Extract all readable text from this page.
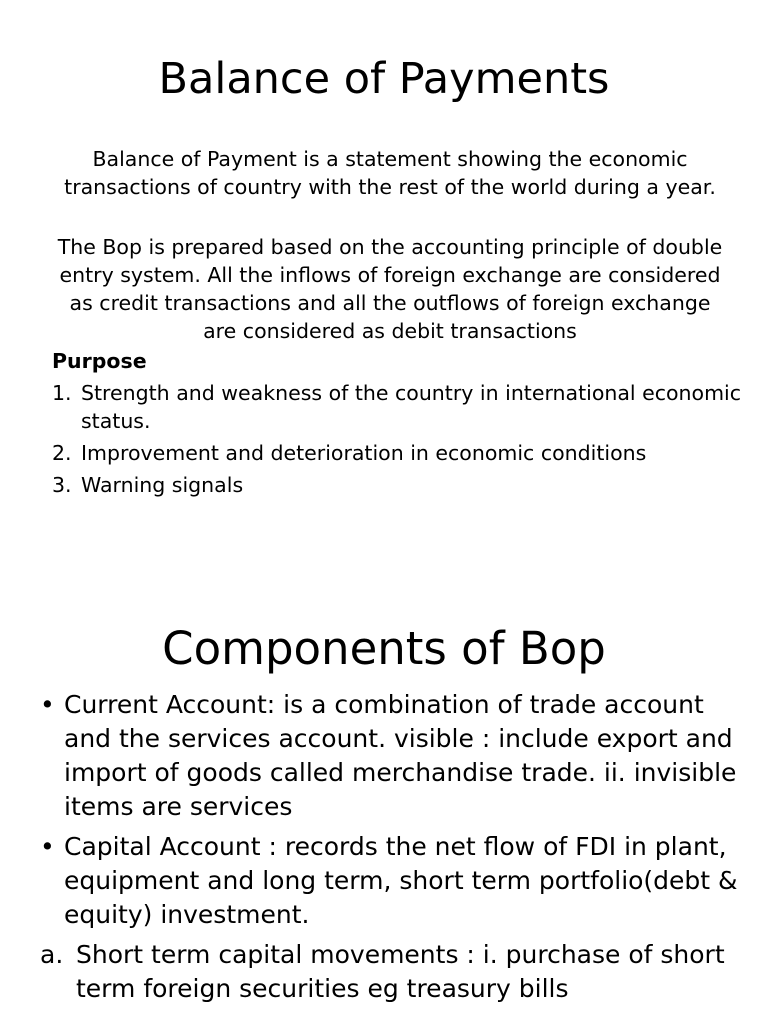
Balance of Payments

Balance of Payment is a statement showing the economic transactions of country with the rest of the world during a year.

The Bop is prepared based on the accounting principle of double entry system. All the inflows of foreign exchange are considered as credit transactions and all the outflows of foreign exchange are considered as debit transactions

Purpose

1. Strength and weakness of the country in international economic status.
2. Improvement and deterioration in economic conditions
3. Warning signals
Components of Bop
• Current Account: is a combination of trade account and the services account. visible : include export and import of goods called merchandise trade. ii. invisible items are services
• Capital Account : records the net flow of FDI in plant, equipment and long term, short term portfolio(debt & equity) investment.
a. Short term capital movements : i. purchase of short term foreign securities eg treasury bills
